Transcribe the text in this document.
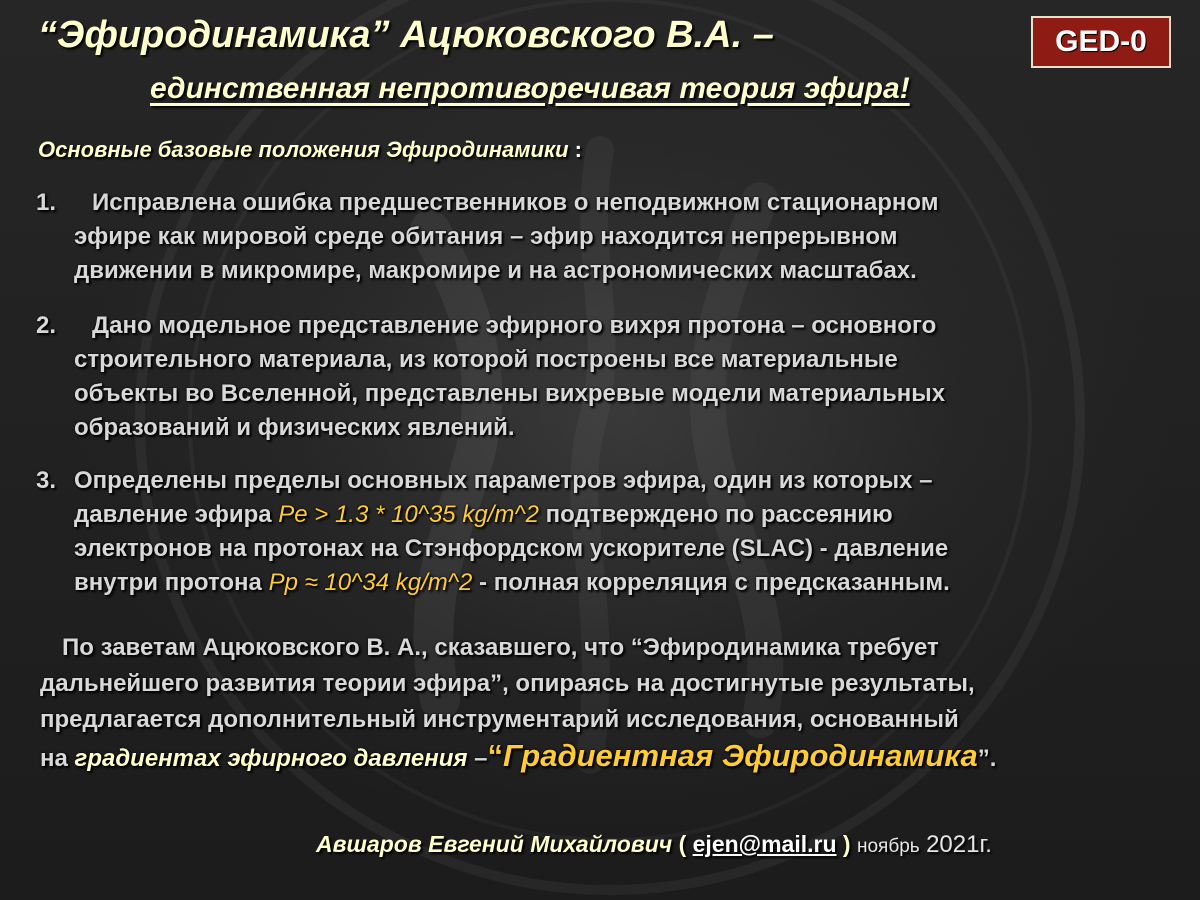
“Эфиродинамика” Ацюковского В.А. –
единственная непротиворечивая теория эфира!
GED-0
Основные базовые положения Эфиродинамики :
1.	Исправлена ошибка предшественников о неподвижном стационарном
эфире как мировой среде обитания – эфир находится непрерывном
движении в микромире, макромире и на астрономических масштабах.
2.	Дано модельное представление эфирного вихря протона – основного
строительного материала, из которой построены все материальные
объекты во Вселенной, представлены вихревые модели материальных
образований и физических явлений.
3. Определены пределы основных параметров эфира, один из которых –
давление эфира Pe > 1.3 * 10^35 kg/m^2 подтверждено по рассеянию
электронов на протонах на Стэнфордском ускорителе (SLAC) - давление
внутри протона Pp ≈ 10^34 kg/m^2 - полная корреляция с предсказанным.
По заветам Ацюковского В. А., сказавшего, что “Эфиродинамика требует
дальнейшего развития теории эфира”, опираясь на достигнутые результаты,
предлагается дополнительный инструментарий исследования, основанный
на градиентах эфирного давления –“Градиентная Эфиродинамика”.
Авшаров Евгений Михайлович ( ejen@mail.ru ) ноябрь 2021г.
